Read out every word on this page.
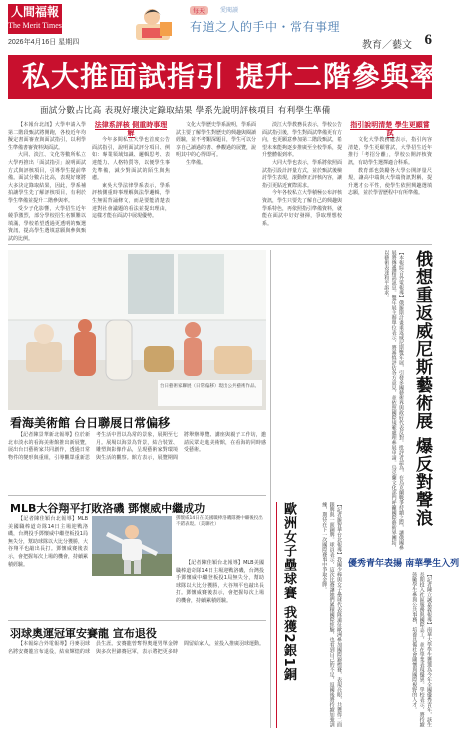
人間福報
The Merit Times
2026年4月16日 星期四
每天	愛閱讀
有道之人的手中・常有事理
教育／藝文 6
私大推面試指引 提升二階參與率
面試分數占比高 表現好壞決定錄取結果 學系先說明評核項目 有利學生準備

【本報台北訊】大學申請入學第二階段甄試將開跑，各校近年均擬定書面審查與面試指引，以利學生準備書審資料與面試。

大同、淡江、文化等數所私立大學再推出「面試指引」說明面試方式與評核項目，引導學生提前準備。面試分數占比高，表現好壞將大多決定錄取結果，因此，學系補拍讓學生先了解評核項目，有利於學生準備並提升二階參與率。

受少子化影響，大學招生近年競爭激烈，部分學校招生名額難以填滿，學校希望透過更透明的甄選資訊，提高學生選填意願與參與甄試的比例。

法律系評核 側重時事理解

今年多間私立大學也首度公告面試指引，說明面試評分項目、例如：專業領域知識、邏輯思考、表達能力、人格特質等，以便學生事先準備，減少對面試的陌生與焦慮。

東吳大學法律學系表示，學系評核側重時事理解與法學邏輯，學生無需背誦條文，而是要能清楚表達對社會議題的看法並提出理由，這樣才能在面試中展現優勢。

文化大學歷史學系說明，學系面試主要了解學生對歷史的興趣與閱讀經驗，並不考艱深題目，學生可以分享自己讀過的書、參觀過的展覽，說明其中的心得即可。

生準備。

淡江大學教務長表示，學校公告面試指引後，學生對面試準備更有方向，也更願意參加第二階段甄試，希望未來能夠逐步推廣至全校學系，提升整體報到率。

大同大學也表示，學系將依照面試指引設計評量方式，並於甄試後檢討學生表現，滾動修正評核內容，讓指引更貼近實際需求。

今年各校私立大學積極公布評核資訊，學生只要先了解自己的興趣與學系特色，再依照指引準備資料，就能在面試中好好發揮，爭取理想校系。

指引說明清楚 學生更願嘗試

文化大學教務處表示，指引內容清楚，學生更願嘗試，大學招生近年推行「考招分離」，學校公開評核資訊，有助學生選擇適合科系。

教育部也鼓勵各大學公開評量尺規，讓高中端與大學端資訊對稱，提升選才公平性，使學生依照興趣選填志願，並於學習歷程中有所準備。

台日藝術家聯展（日常偏移）現出公共藝術作品。
看海美術館 台日聯展日常偏移

【記者陳景華新北報導】位於新北市淡水的看海美術館推出新展覽，展出台日藝術家共同創作，透過日常物件的變形與重組，引導觀眾重新思考生活中習以為常的景象，展期至七月。展場以海景為背景，結合裝置、雕塑與影像作品，呈現藝術家對環境與生活的觀察。館方表示，展覽期間將舉辦導覽、講座與親子工作坊，邀請民眾走進美術館，在看海的同時感受藝術。

MLB大谷翔平打敗洛磯 鄧懷威中繼成功

【記者陳佳穎台北報導】MLB美國職棒道奇隊14日主場迎戰洛磯，台灣投手鄧懷威中繼登板投1局無失分，幫助球隊以大比分獲勝，大谷翔平也敲出長打。鄧懷威賽後表示，會把握每次上場的機會，持續累積經驗。

鄧懷威14日在美國職棒洛磯隊賽中繼後投出不錯表現。（美聯社）

【記者陳佳穎台北報導】MLB美國職棒道奇隊14日主場迎戰洛磯，台灣投手鄧懷威中繼登板投1局無失分，幫助球隊以大比分獲勝，大谷翔平也敲出長打。鄧懷威賽後表示，會把握每次上場的機會，持續累積經驗。

羽球奧運冠軍安賽龍 宣布退役

【本報綜合外電報導】丹麥羽球名將安賽龍宣布退役，結束輝煌的球員生涯。安賽龍曾奪得奧運男單金牌與多次世錦賽冠軍，表示將把更多時間留給家人，並投入推廣羽球運動。

俄想重返威尼斯藝術展 爆反對聲浪

【本報綜合外電報導】俄羅斯計畫重返威尼斯雙年展，引發多國藝術界與政府代表反對。批評者認為，在烏克蘭戰爭持續之際，讓俄國參展將傳遞錯誤訊息。雙年展主辦單位表示，將審慎評估各方意見，並依照國際規範處理參展申請。烏克蘭文化部門呼籲國際藝術界團結，以藝術表達和平訴求。

歐洲女子壘球賽 我獲2銀1銅	【記者羅智華台北報導】我國少棒與女子壘球代表隊遠征歐洲參加國際錦標賽，表現亮眼，共獲得二面銀牌與一面銅牌。球員表示，這次比賽讓她們累積國際經驗，也看到自己的不足，返國後將持續加強訓練，期待在下一次國際賽事中爭取金牌。	優秀青年表揚 南華學生入列

【記者陳立誠嘉義報導】南華大學學生獲選為今年全國優秀青年，該生長期投入社區服務與國際志工，並在學業表現優異。學校表示，將持續鼓勵學生參與公共事務，培養具備社會關懷與國際視野的人才。
